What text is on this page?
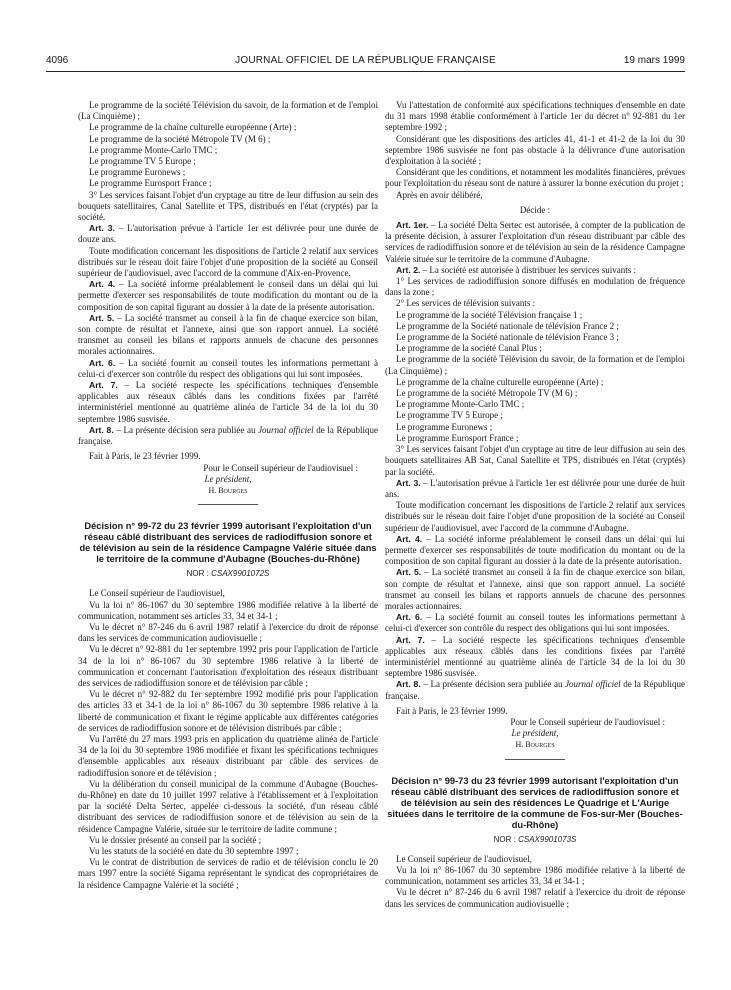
4096	JOURNAL OFFICIEL DE LA RÉPUBLIQUE FRANÇAISE	19 mars 1999

Le programme de la société Télévision du savoir, de la formation et de l'emploi (La Cinquième) ;

Le programme de la chaîne culturelle européenne (Arte) ;

Le programme de la société Métropole TV (M 6) ;

Le programme Monte-Carlo TMC ;

Le programme TV 5 Europe ;

Le programme Euronews ;

Le programme Eurosport France ;

3° Les services faisant l'objet d'un cryptage au titre de leur diffusion au sein des bouquets satellitaires, Canal Satellite et TPS, distribués en l'état (cryptés) par la société.

Art. 3. – L'autorisation prévue à l'article 1er est délivrée pour une durée de douze ans.

Toute modification concernant les dispositions de l'article 2 relatif aux services distribués sur le réseau doit faire l'objet d'une proposition de la société au Conseil supérieur de l'audiovisuel, avec l'accord de la commune d'Aix-en-Provence.

Art. 4. – La société informe préalablement le conseil dans un délai qui lui permette d'exercer ses responsabilités de toute modification du montant ou de la composition de son capital figurant au dossier à la date de la présente autorisation.

Art. 5. – La société transmet au conseil à la fin de chaque exercice son bilan, son compte de résultat et l'annexe, ainsi que son rapport annuel. La société transmet au conseil les bilans et rapports annuels de chacune des personnes morales actionnaires.

Art. 6. – La société fournit au conseil toutes les informations permettant à celui-ci d'exercer son contrôle du respect des obligations qui lui sont imposées.

Art. 7. – La société respecte les spécifications techniques d'ensemble applicables aux réseaux câblés dans les conditions fixées par l'arrêté interministériel mentionné au quatrième alinéa de l'article 34 de la loi du 30 septembre 1986 susvisée.

Art. 8. – La présente décision sera publiée au Journal officiel de la République française.

Fait à Paris, le 23 février 1999.

Pour le Conseil supérieur de l'audiovisuel :

Le président,

H. Bourges

Décision n° 99-72 du 23 février 1999 autorisant l'exploitation d'un réseau câblé distribuant des services de radiodiffusion sonore et de télévision au sein de la résidence Campagne Valérie située dans le territoire de la commune d'Aubagne (Bouches-du-Rhône)
NOR : CSAX9901072S

Le Conseil supérieur de l'audiovisuel,

Vu la loi n° 86-1067 du 30 septembre 1986 modifiée relative à la liberté de communication, notamment ses articles 33, 34 et 34-1 ;

Vu le décret n° 87-246 du 6 avril 1987 relatif à l'exercice du droit de réponse dans les services de communication audiovisuelle ;

Vu le décret n° 92-881 du 1er septembre 1992 pris pour l'application de l'article 34 de la loi n° 86-1067 du 30 septembre 1986 relative à la liberté de communication et concernant l'autorisation d'exploitation des réseaux distribuant des services de radiodiffusion sonore et de télévision par câble ;

Vu le décret n° 92-882 du 1er septembre 1992 modifié pris pour l'application des articles 33 et 34-1 de la loi n° 86-1067 du 30 septembre 1986 relative à la liberté de communication et fixant le régime applicable aux différentes catégories de services de radiodiffusion sonore et de télévision distribués par câble ;

Vu l'arrêté du 27 mars 1993 pris en application du quatrième alinéa de l'article 34 de la loi du 30 septembre 1986 modifiée et fixant les spécifications techniques d'ensemble applicables aux réseaux distribuant par câble des services de radiodiffusion sonore et de télévision ;

Vu la délibération du conseil municipal de la commune d'Aubagne (Bouches-du-Rhône) en date du 10 juillet 1997 relative à l'établissement et à l'exploitation par la société Delta Sertec, appelée ci-dessous la société, d'un réseau câblé distribuant des services de radiodiffusion sonore et de télévision au sein de la résidence Campagne Valérie, située sur le territoire de ladite commune ;

Vu le dossier présenté au conseil par la société ;

Vu les statuts de la société en date du 30 septembre 1997 ;

Vu le contrat de distribution de services de radio et de télévision conclu le 20 mars 1997 entre la société Sigama représentant le syndicat des copropriétaires de la résidence Campagne Valérie et la société ;

Vu l'attestation de conformité aux spécifications techniques d'ensemble en date du 31 mars 1998 établie conformément à l'article 1er du décret n° 92-881 du 1er septembre 1992 ;

Considérant que les dispositions des articles 41, 41-1 et 41-2 de la loi du 30 septembre 1986 susvisée ne font pas obstacle à la délivrance d'une autorisation d'exploitation à la société ;

Considérant que les conditions, et notamment les modalités financières, prévues pour l'exploitation du réseau sont de nature à assurer la bonne exécution du projet ;

Après en avoir délibéré,

Décide :

Art. 1er. – La société Delta Sertec est autorisée, à compter de la publication de la présente décision, à assurer l'exploitation d'un réseau distribuant par câble des services de radiodiffusion sonore et de télévision au sein de la résidence Campagne Valérie située sur le territoire de la commune d'Aubagne.

Art. 2. – La société est autorisée à distribuer les services suivants :

1° Les services de radiodiffusion sonore diffusés en modulation de fréquence dans la zone ;

2° Les services de télévision suivants :

Le programme de la société Télévision française 1 ;

Le programme de la Société nationale de télévision France 2 ;

Le programme de la Société nationale de télévision France 3 ;

Le programme de la société Canal Plus ;

Le programme de la société Télévision du savoir, de la formation et de l'emploi (La Cinquième) ;

Le programme de la chaîne culturelle européenne (Arte) ;

Le programme de la société Métropole TV (M 6) ;

Le programme Monte-Carlo TMC ;

Le programme TV 5 Europe ;

Le programme Euronews ;

Le programme Eurosport France ;

3° Les services faisant l'objet d'un cryptage au titre de leur diffusion au sein des bouquets satellitaires AB Sat, Canal Satellite et TPS, distribués en l'état (cryptés) par la société.

Art. 3. – L'autorisation prévue à l'article 1er est délivrée pour une durée de huit ans.

Toute modification concernant les dispositions de l'article 2 relatif aux services distribués sur le réseau doit faire l'objet d'une proposition de la société au Conseil supérieur de l'audiovisuel, avec l'accord de la commune d'Aubagne.

Art. 4. – La société informe préalablement le conseil dans un délai qui lui permette d'exercer ses responsabilités de toute modification du montant ou de la composition de son capital figurant au dossier à la date de la présente autorisation.

Art. 5. – La société transmet au conseil à la fin de chaque exercice son bilan, son compte de résultat et l'annexe, ainsi que son rapport annuel. La société transmet au conseil les bilans et rapports annuels de chacune des personnes morales actionnaires.

Art. 6. – La société fournit au conseil toutes les informations permettant à celui-ci d'exercer son contrôle du respect des obligations qui lui sont imposées.

Art. 7. – La société respecte les spécifications techniques d'ensemble applicables aux réseaux câblés dans les conditions fixées par l'arrêté interministériel mentionné au quatrième alinéa de l'article 34 de la loi du 30 septembre 1986 susvisée.

Art. 8. – La présente décision sera publiée au Journal officiel de la République française.

Fait à Paris, le 23 février 1999.

Pour le Conseil supérieur de l'audiovisuel :

Le président,

H. Bourges

Décision n° 99-73 du 23 février 1999 autorisant l'exploitation d'un réseau câblé distribuant des services de radiodiffusion sonore et de télévision au sein des résidences Le Quadrige et L'Aurige situées dans le territoire de la commune de Fos-sur-Mer (Bouches-du-Rhône)
NOR : CSAX9901073S

Le Conseil supérieur de l'audiovisuel,

Vu la loi n° 86-1067 du 30 septembre 1986 modifiée relative à la liberté de communication, notamment ses articles 33, 34 et 34-1 ;

Vu le décret n° 87-246 du 6 avril 1987 relatif à l'exercice du droit de réponse dans les services de communication audiovisuelle ;
